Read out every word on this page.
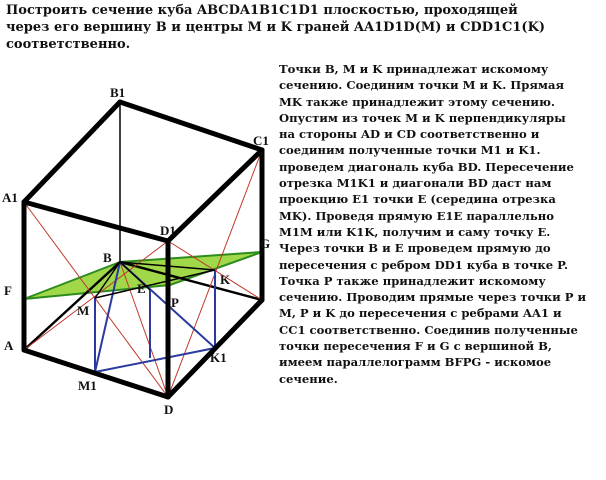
Построить сечение куба ABCDA1B1C1D1 плоскостью, проходящей
через его вершину B и центры M и K граней AA1D1D(M) и CDD1C1(K)
соответственно.
B1
C1
A1
D1
G
B
F	E
K
P
M
A
K1
M1
D
Точки B, M и K принадлежат искомому
сечению. Соединим точки M и K. Прямая
MK также принадлежит этому сечению.
Опустим из точек M и K перпендикуляры
на стороны AD и CD соответственно и
соединим полученные точки M1 и K1.
проведем диагональ куба BD. Пересечение
отрезка M1K1 и диагонали BD даст нам
проекцию E1 точки E (середина отрезка
MK). Проведя прямую E1E параллельно
M1M или K1K, получим и саму точку E.
Через точки B и E проведем прямую до
пересечения с ребром DD1 куба в точке P.
Точка P также принадлежит искомому
сечению. Проводим прямые через точки P и
M, P и K до пересечения с ребрами AA1 и
CC1 соответственно. Соединив полученные
точки пересечения F и G с вершиной B,
имеем параллелограмм BFPG - искомое
сечение.
